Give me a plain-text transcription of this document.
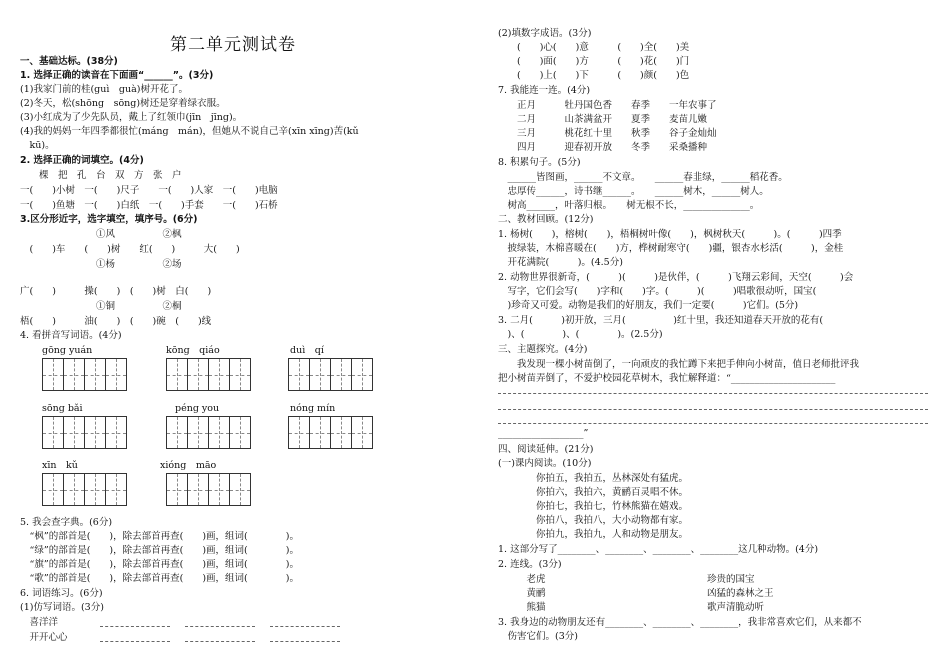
第二单元测试卷
一、基础达标。(38分)
1. 选择正确的读音在下面画“______”。(3分)
(1)我家门前的桂(guì　guà)树开花了。
(2)冬天，松(shōng　sōng)树还是穿着绿衣服。
(3)小红成为了少先队员，戴上了红领巾(jīn　jīng)。
(4)我的妈妈一年四季都很忙(máng　mán)，但她从不说自己辛(xīn xīng)苦(kǔ
　kū)。
2. 选择正确的词填空。(4分)
　　棵　把　孔　台　双　方　张　户
一(　　)小树　一(　　)尺子　　一(　　)人家　一(　　)电脑
一(　　)鱼塘　一(　　)白纸　一(　　)手套　　一(　　)石桥
3.区分形近字，选字填空，填序号。(6分)
　　　　　　　　①风　　　　　②枫
　(　　)车　　(　　)树　　红(　　)　　　大(　　)
　　　　　　　　①杨　　　　　②场
广(　　)　　　操(　　)　(　　)树　白(　　)
　　　　　　　　①铜　　　　　②桐
梧(　　)　　　油(　　)　(　　)碗　(　　)线
4. 看拼音写词语。(4分)
gōng yuán	kōng　qiáo	duì　qí
sōng bǎi	péng you	nóng mín
xīn　kǔ	xióng　māo
5. 我会查字典。(6分)
　“枫”的部首是(　　)，除去部首再查(　　)画，组词(　　　　)。
　“绿”的部首是(　　)，除去部首再查(　　)画，组词(　　　　)。
　“旗”的部首是(　　)，除去部首再查(　　)画，组词(　　　　)。
　“歌”的部首是(　　)，除去部首再查(　　)画，组词(　　　　)。
6. 词语练习。(6分)
(1)仿写词语。(3分)
　喜洋洋
　开开心心
(2)填数字成语。(3分)
　　(　　)心(　　)意　　　(　　)全(　　)美
　　(　　)面(　　)方　　　(　　)花(　　)门
　　(　　)上(　　)下　　　(　　)颜(　　)色
7. 我能连一连。(4分)
　　正月　　　牡丹国色香　　春季　　一年农事了
　　二月　　　山茶满盆开　　夏季　　麦苗儿嫩
　　三月　　　桃花红十里　　秋季　　谷子金灿灿
　　四月　　　迎春初开放　　冬季　　采桑播种
8. 积累句子。(5分)
　______皆图画，______不文章。　　______春韭绿，______稻花香。
　忠厚传______，诗书继______。　　______树木，______树人。
　树高______，叶落归根。　　树无根不长，______________。
二、教材回顾。(12分)
1. 杨树(　　)，榕树(　　)，梧桐树叶像(　　)，枫树秋天(　　　)。(　　　)四季
　披绿装，木棉喜暖在(　　)方，桦树耐寒守(　　)疆，银杏水杉活(　　　)，金桂
　开花满院(　　　)。(4.5分)
2. 动物世界很新奇，(　　　)(　　　)是伙伴，(　　　)飞翔云彩间，天空(　　　)会
　写字，它们会写(　　)字和(　　)字。(　　　)(　　　)唱歌很动听，国宝(
　)珍奇又可爱。动物是我们的好朋友，我们一定要(　　　)它们。(5分)
3. 二月(　　　)初开放，三月(　　　　　)红十里，我还知道春天开放的花有(
　)、(　　　　)、(　　　　)。(2.5分)
三、主题探究。(4分)
　　我发现一棵小树苗倒了，一向顽皮的我忙蹲下来把手伸向小树苗，值日老师批评我
把小树苗弄倒了，不爱护校园花草树木，我忙解释道：“______________________
__________________”
四、阅读延伸。(21分)
(一)课内阅读。(10分)
　　　　你拍五，我拍五，丛林深处有猛虎。
　　　　你拍六，我拍六，黄鹂百灵唱不休。
　　　　你拍七，我拍七，竹林熊猫在嬉戏。
　　　　你拍八，我拍八，大小动物都有家。
　　　　你拍九，我拍九，人和动物是朋友。
1. 这部分写了________、________、________、________这几种动物。(4分)
2. 连线。(3分)
　　　老虎　　　　　　　　　　　　　　　　　珍贵的国宝
　　　黄鹂　　　　　　　　　　　　　　　　　凶猛的森林之王
　　　熊猫　　　　　　　　　　　　　　　　　歌声清脆动听
3. 我身边的动物朋友还有________、________、________，我非常喜欢它们，从来都不
　伤害它们。(3分)
